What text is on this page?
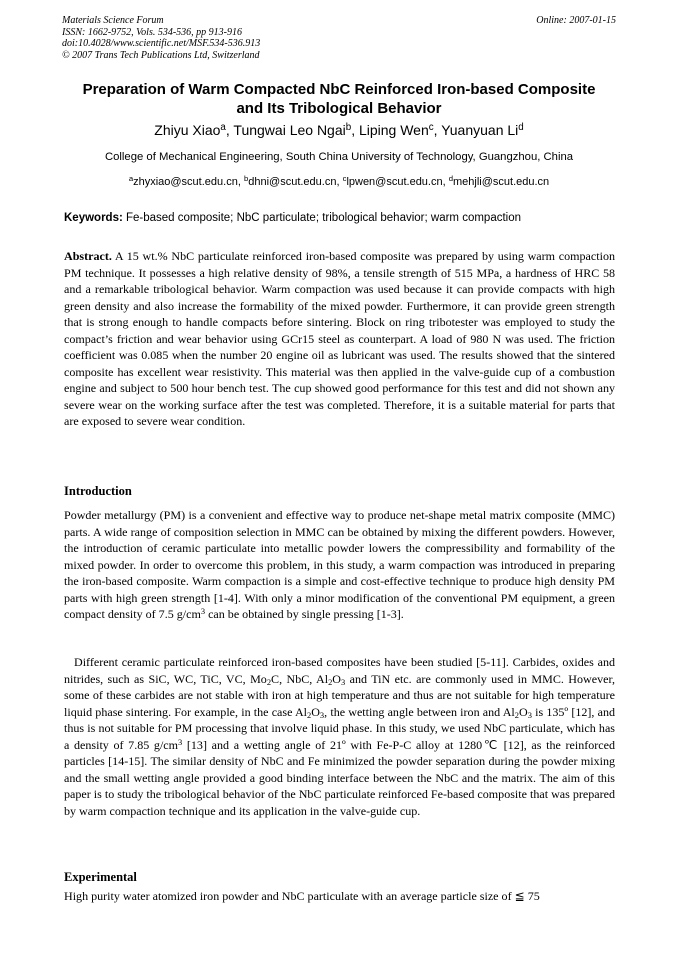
Materials Science Forum
ISSN: 1662-9752, Vols. 534-536, pp 913-916
doi:10.4028/www.scientific.net/MSF.534-536.913
© 2007 Trans Tech Publications Ltd, Switzerland
Online: 2007-01-15
Preparation of Warm Compacted NbC Reinforced Iron-based Composite
and Its Tribological Behavior
Zhiyu Xiao$^a$, Tungwai Leo Ngai$^b$, Liping Wen$^c$, Yuanyuan Li$^d$
College of Mechanical Engineering, South China University of Technology, Guangzhou, China
$^a$zhyxiao@scut.edu.cn, $^b$dhni@scut.edu.cn, $^c$lpwen@scut.edu.cn, $^d$mehjli@scut.edu.cn
Keywords: Fe-based composite; NbC particulate; tribological behavior; warm compaction
Abstract. A 15 wt.% NbC particulate reinforced iron-based composite was prepared by using warm compaction PM technique. It possesses a high relative density of 98%, a tensile strength of 515 MPa, a hardness of HRC 58 and a remarkable tribological behavior. Warm compaction was used because it can provide compacts with high green density and also increase the formability of the mixed powder. Furthermore, it can provide green strength that is strong enough to handle compacts before sintering. Block on ring tribotester was employed to study the compact’s friction and wear behavior using GCr15 steel as counterpart. A load of 980 N was used. The friction coefficient was 0.085 when the number 20 engine oil as lubricant was used. The results showed that the sintered composite has excellent wear resistivity. This material was then applied in the valve-guide cup of a combustion engine and subject to 500 hour bench test. The cup showed good performance for this test and did not shown any severe wear on the working surface after the test was completed. Therefore, it is a suitable material for parts that are exposed to severe wear condition.
Introduction
Powder metallurgy (PM) is a convenient and effective way to produce net-shape metal matrix composite (MMC) parts. A wide range of composition selection in MMC can be obtained by mixing the different powders. However, the introduction of ceramic particulate into metallic powder lowers the compressibility and formability of the mixed powder. In order to overcome this problem, in this study, a warm compaction was introduced in preparing the iron-based composite. Warm compaction is a simple and cost-effective technique to produce high density PM parts with high green strength [1-4]. With only a minor modification of the conventional PM equipment, a green compact density of 7.5 $g/cm^3$ can be obtained by single pressing [1-3].
Different ceramic particulate reinforced iron-based composites have been studied [5-11]. Carbides, oxides and nitrides, such as SiC, WC, TiC, VC, $Mo_2C$, NbC, $Al_2O_3$ and TiN etc. are commonly used in MMC. However, some of these carbides are not stable with iron at high temperature and thus are not suitable for high temperature liquid phase sintering. For example, in the case $Al_2O_3$, the wetting angle between iron and $Al_2O_3$ is 135º [12], and thus is not suitable for PM processing that involve liquid phase. In this study, we used NbC particulate, which has a density of 7.85 $g/cm^3$ [13] and a wetting angle of 21º with Fe-P-C alloy at 1280℃ [12], as the reinforced particles [14-15]. The similar density of NbC and Fe minimized the powder separation during the powder mixing and the small wetting angle provided a good binding interface between the NbC and the matrix. The aim of this paper is to study the tribological behavior of the NbC particulate reinforced Fe-based composite that was prepared by warm compaction technique and its application in the valve-guide cup.
Experimental
High purity water atomized iron powder and NbC particulate with an average particle size of ≦ 75
